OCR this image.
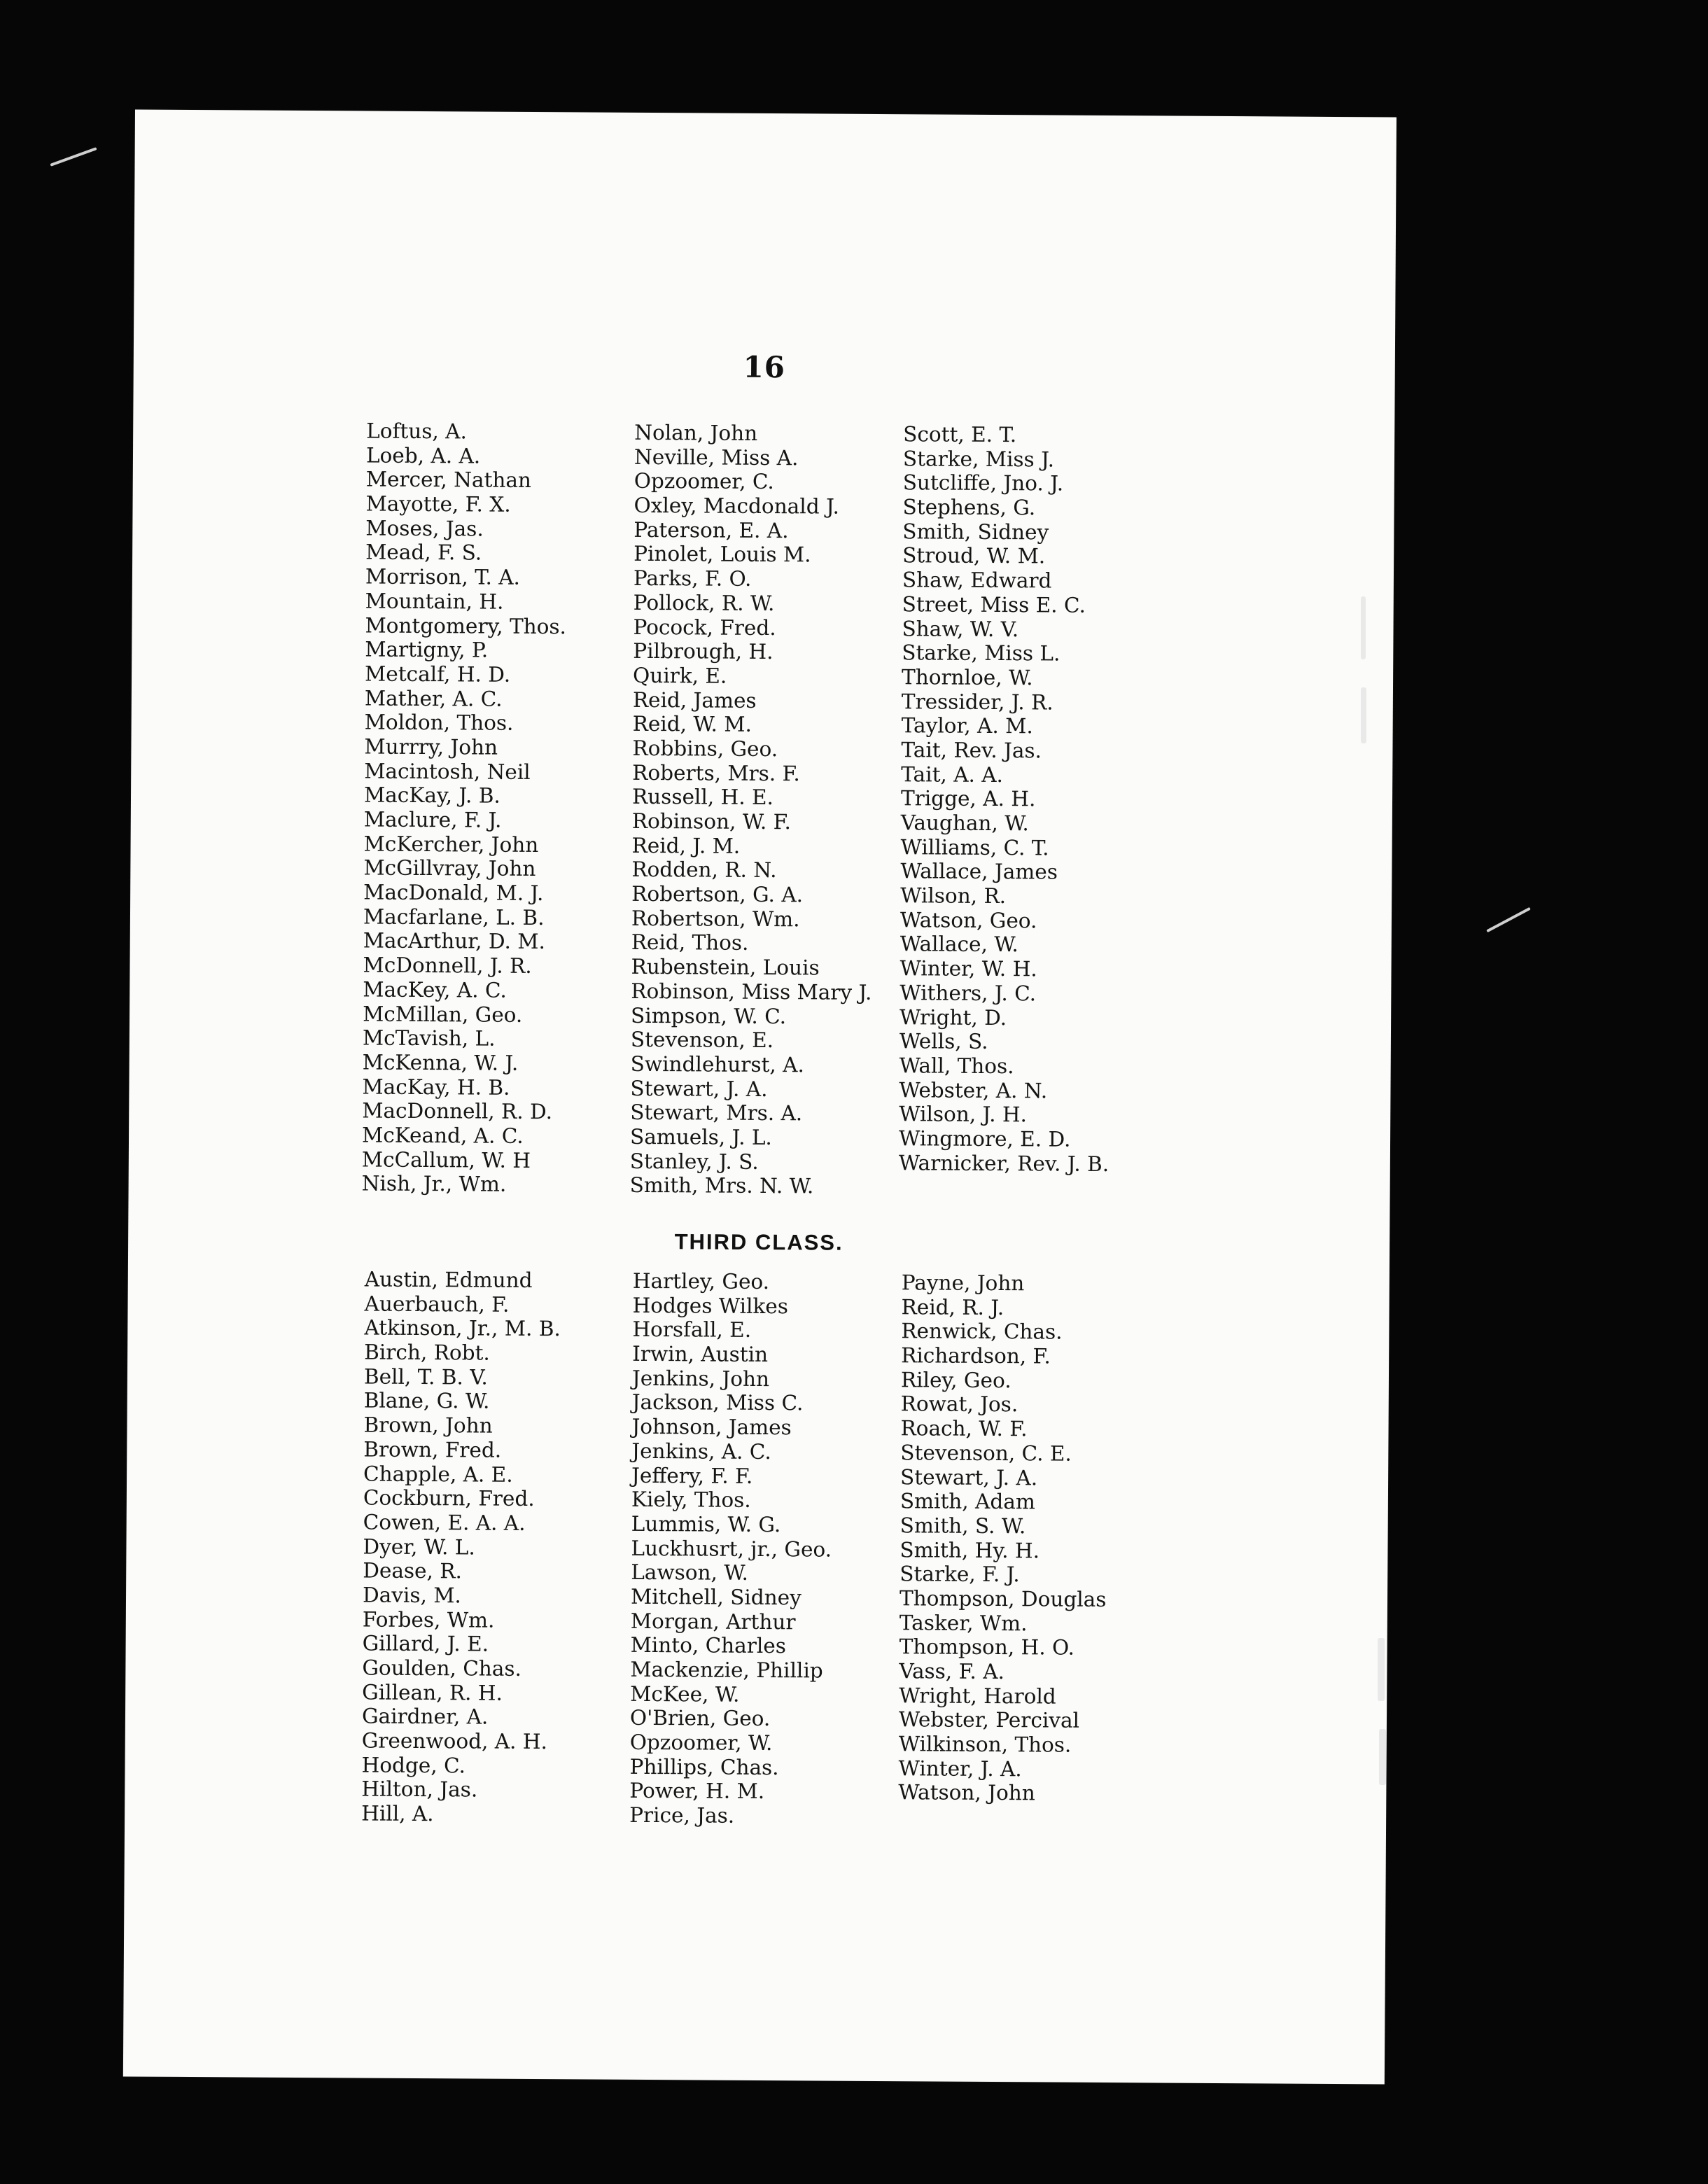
16
Loftus, A.
Loeb, A. A.
Mercer, Nathan
Mayotte, F. X.
Moses, Jas.
Mead, F. S.
Morrison, T. A.
Mountain, H.
Montgomery, Thos.
Martigny, P.
Metcalf, H. D.
Mather, A. C.
Moldon, Thos.
Murrry, John
Macintosh, Neil
MacKay, J. B.
Maclure, F. J.
McKercher, John
McGillvray, John
MacDonald, M. J.
Macfarlane, L. B.
MacArthur, D. M.
McDonnell, J. R.
MacKey, A. C.
McMillan, Geo.
McTavish, L.
McKenna, W. J.
MacKay, H. B.
MacDonnell, R. D.
McKeand, A. C.
McCallum, W. H
Nish, Jr., Wm.
Nolan, John
Neville, Miss A.
Opzoomer, C.
Oxley, Macdonald J.
Paterson, E. A.
Pinolet, Louis M.
Parks, F. O.
Pollock, R. W.
Pocock, Fred.
Pilbrough, H.
Quirk, E.
Reid, James
Reid, W. M.
Robbins, Geo.
Roberts, Mrs. F.
Russell, H. E.
Robinson, W. F.
Reid, J. M.
Rodden, R. N.
Robertson, G. A.
Robertson, Wm.
Reid, Thos.
Rubenstein, Louis
Robinson, Miss Mary J.
Simpson, W. C.
Stevenson, E.
Swindlehurst, A.
Stewart, J. A.
Stewart, Mrs. A.
Samuels, J. L.
Stanley, J. S.
Smith, Mrs. N. W.
Scott, E. T.
Starke, Miss J.
Sutcliffe, Jno. J.
Stephens, G.
Smith, Sidney
Stroud, W. M.
Shaw, Edward
Street, Miss E. C.
Shaw, W. V.
Starke, Miss L.
Thornloe, W.
Tressider, J. R.
Taylor, A. M.
Tait, Rev. Jas.
Tait, A. A.
Trigge, A. H.
Vaughan, W.
Williams, C. T.
Wallace, James
Wilson, R.
Watson, Geo.
Wallace, W.
Winter, W. H.
Withers, J. C.
Wright, D.
Wells, S.
Wall, Thos.
Webster, A. N.
Wilson, J. H.
Wingmore, E. D.
Warnicker, Rev. J. B.
THIRD CLASS.
Austin, Edmund
Auerbauch, F.
Atkinson, Jr., M. B.
Birch, Robt.
Bell, T. B. V.
Blane, G. W.
Brown, John
Brown, Fred.
Chapple, A. E.
Cockburn, Fred.
Cowen, E. A. A.
Dyer, W. L.
Dease, R.
Davis, M.
Forbes, Wm.
Gillard, J. E.
Goulden, Chas.
Gillean, R. H.
Gairdner, A.
Greenwood, A. H.
Hodge, C.
Hilton, Jas.
Hill, A.
Hartley, Geo.
Hodges Wilkes
Horsfall, E.
Irwin, Austin
Jenkins, John
Jackson, Miss C.
Johnson, James
Jenkins, A. C.
Jeffery, F. F.
Kiely, Thos.
Lummis, W. G.
Luckhusrt, jr., Geo.
Lawson, W.
Mitchell, Sidney
Morgan, Arthur
Minto, Charles
Mackenzie, Phillip
McKee, W.
O'Brien, Geo.
Opzoomer, W.
Phillips, Chas.
Power, H. M.
Price, Jas.
Payne, John
Reid, R. J.
Renwick, Chas.
Richardson, F.
Riley, Geo.
Rowat, Jos.
Roach, W. F.
Stevenson, C. E.
Stewart, J. A.
Smith, Adam
Smith, S. W.
Smith, Hy. H.
Starke, F. J.
Thompson, Douglas
Tasker, Wm.
Thompson, H. O.
Vass, F. A.
Wright, Harold
Webster, Percival
Wilkinson, Thos.
Winter, J. A.
Watson, John
